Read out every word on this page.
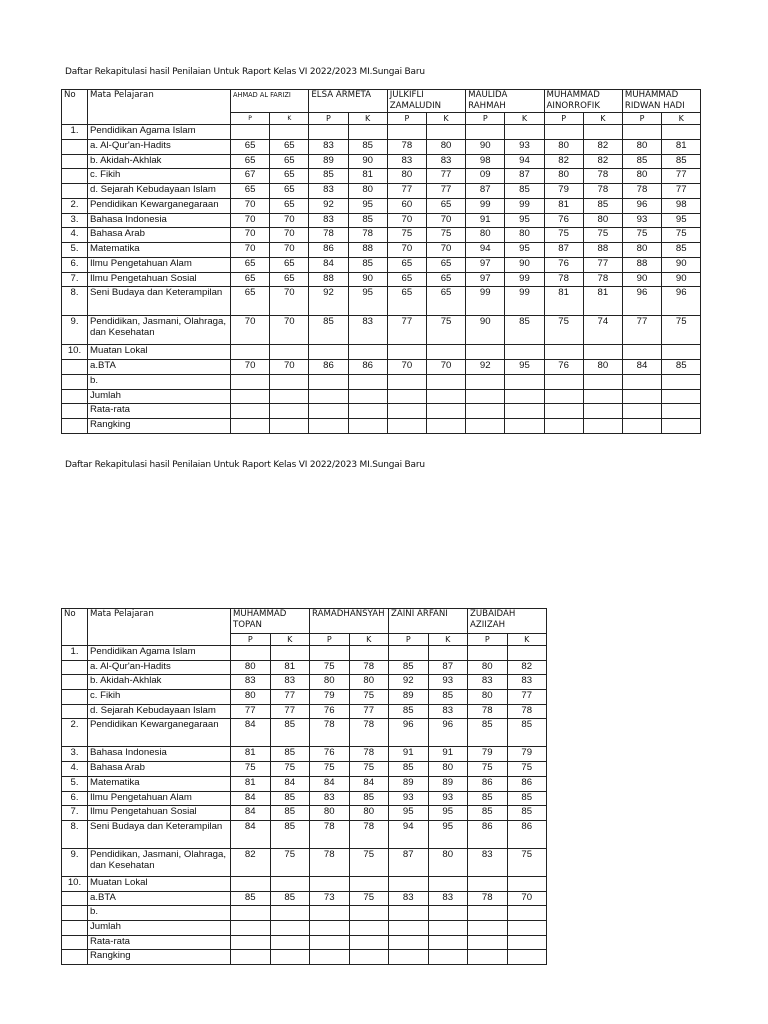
Daftar Rekapitulasi hasil Penilaian Untuk Raport Kelas VI 2022/2023 MI.Sungai Baru
No	Mata Pelajaran	AHMAD AL FARIZI		ELSA ARMETA		JULKIFLI ZAMALUDIN		MAULIDA RAHMAH		MUHAMMAD AINORROFIK		MUHAMMAD RIDWAN HADI	
		P	K	P	K	P	K	P	K	P	K	P	K
1.	Pendidikan Agama Islam												
	a. Al-Qur'an-Hadits	65	65	83	85	78	80	90	93	80	82	80	81
	b. Akidah-Akhlak	65	65	89	90	83	83	98	94	82	82	85	85
	c. Fikih	67	65	85	81	80	77	09	87	80	78	80	77
	d. Sejarah Kebudayaan Islam	65	65	83	80	77	77	87	85	79	78	78	77
2.	Pendidikan Kewarganegaraan	70	65	92	95	60	65	99	99	81	85	96	98
3.	Bahasa Indonesia	70	70	83	85	70	70	91	95	76	80	93	95
4.	Bahasa Arab	70	70	78	78	75	75	80	80	75	75	75	75
5.	Matematika	70	70	86	88	70	70	94	95	87	88	80	85
6.	Ilmu Pengetahuan Alam	65	65	84	85	65	65	97	90	76	77	88	90
7.	Ilmu Pengetahuan Sosial	65	65	88	90	65	65	97	99	78	78	90	90
8.	Seni Budaya dan Keterampilan	65	70	92	95	65	65	99	99	81	81	96	96
9.	Pendidikan, Jasmani, Olahraga, dan Kesehatan	70	70	85	83	77	75	90	85	75	74	77	75
10.	Muatan Lokal												
	a.BTA	70	70	86	86	70	70	92	95	76	80	84	85
	b.												
	Jumlah												
	Rata-rata												
	Rangking												
Daftar Rekapitulasi hasil Penilaian Untuk Raport Kelas VI 2022/2023 MI.Sungai Baru
No	Mata Pelajaran	MUHAMMAD TOPAN		RAMADHANSYAH		ZAINI ARFANI		ZUBAIDAH AZIIZAH	
		P	K	P	K	P	K	P	K
1.	Pendidikan Agama Islam								
	a. Al-Qur'an-Hadits	80	81	75	78	85	87	80	82
	b. Akidah-Akhlak	83	83	80	80	92	93	83	83
	c. Fikih	80	77	79	75	89	85	80	77
	d. Sejarah Kebudayaan Islam	77	77	76	77	85	83	78	78
2.	Pendidikan Kewarganegaraan	84	85	78	78	96	96	85	85
3.	Bahasa Indonesia	81	85	76	78	91	91	79	79
4.	Bahasa Arab	75	75	75	75	85	80	75	75
5.	Matematika	81	84	84	84	89	89	86	86
6.	Ilmu Pengetahuan Alam	84	85	83	85	93	93	85	85
7.	Ilmu Pengetahuan Sosial	84	85	80	80	95	95	85	85
8.	Seni Budaya dan Keterampilan	84	85	78	78	94	95	86	86
9.	Pendidikan, Jasmani, Olahraga, dan Kesehatan	82	75	78	75	87	80	83	75
10.	Muatan Lokal								
	a.BTA	85	85	73	75	83	83	78	70
	b.								
	Jumlah								
	Rata-rata								
	Rangking								
